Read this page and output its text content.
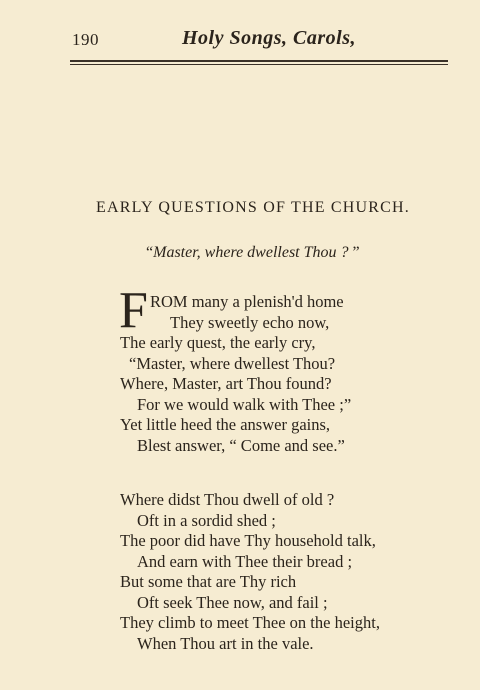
190	Holy Songs, Carols,
EARLY QUESTIONS OF THE CHURCH.
“Master, where dwellest Thou ? ”
F ROM many a plenish'd home
They sweetly echo now,
The early quest, the early cry,
“Master, where dwellest Thou?
Where, Master, art Thou found?
For we would walk with Thee ;”
Yet little heed the answer gains,
Blest answer, “ Come and see.”
Where didst Thou dwell of old ?
Oft in a sordid shed ;
The poor did have Thy household talk,
And earn with Thee their bread ;
But some that are Thy rich
Oft seek Thee now, and fail ;
They climb to meet Thee on the height,
When Thou art in the vale.
